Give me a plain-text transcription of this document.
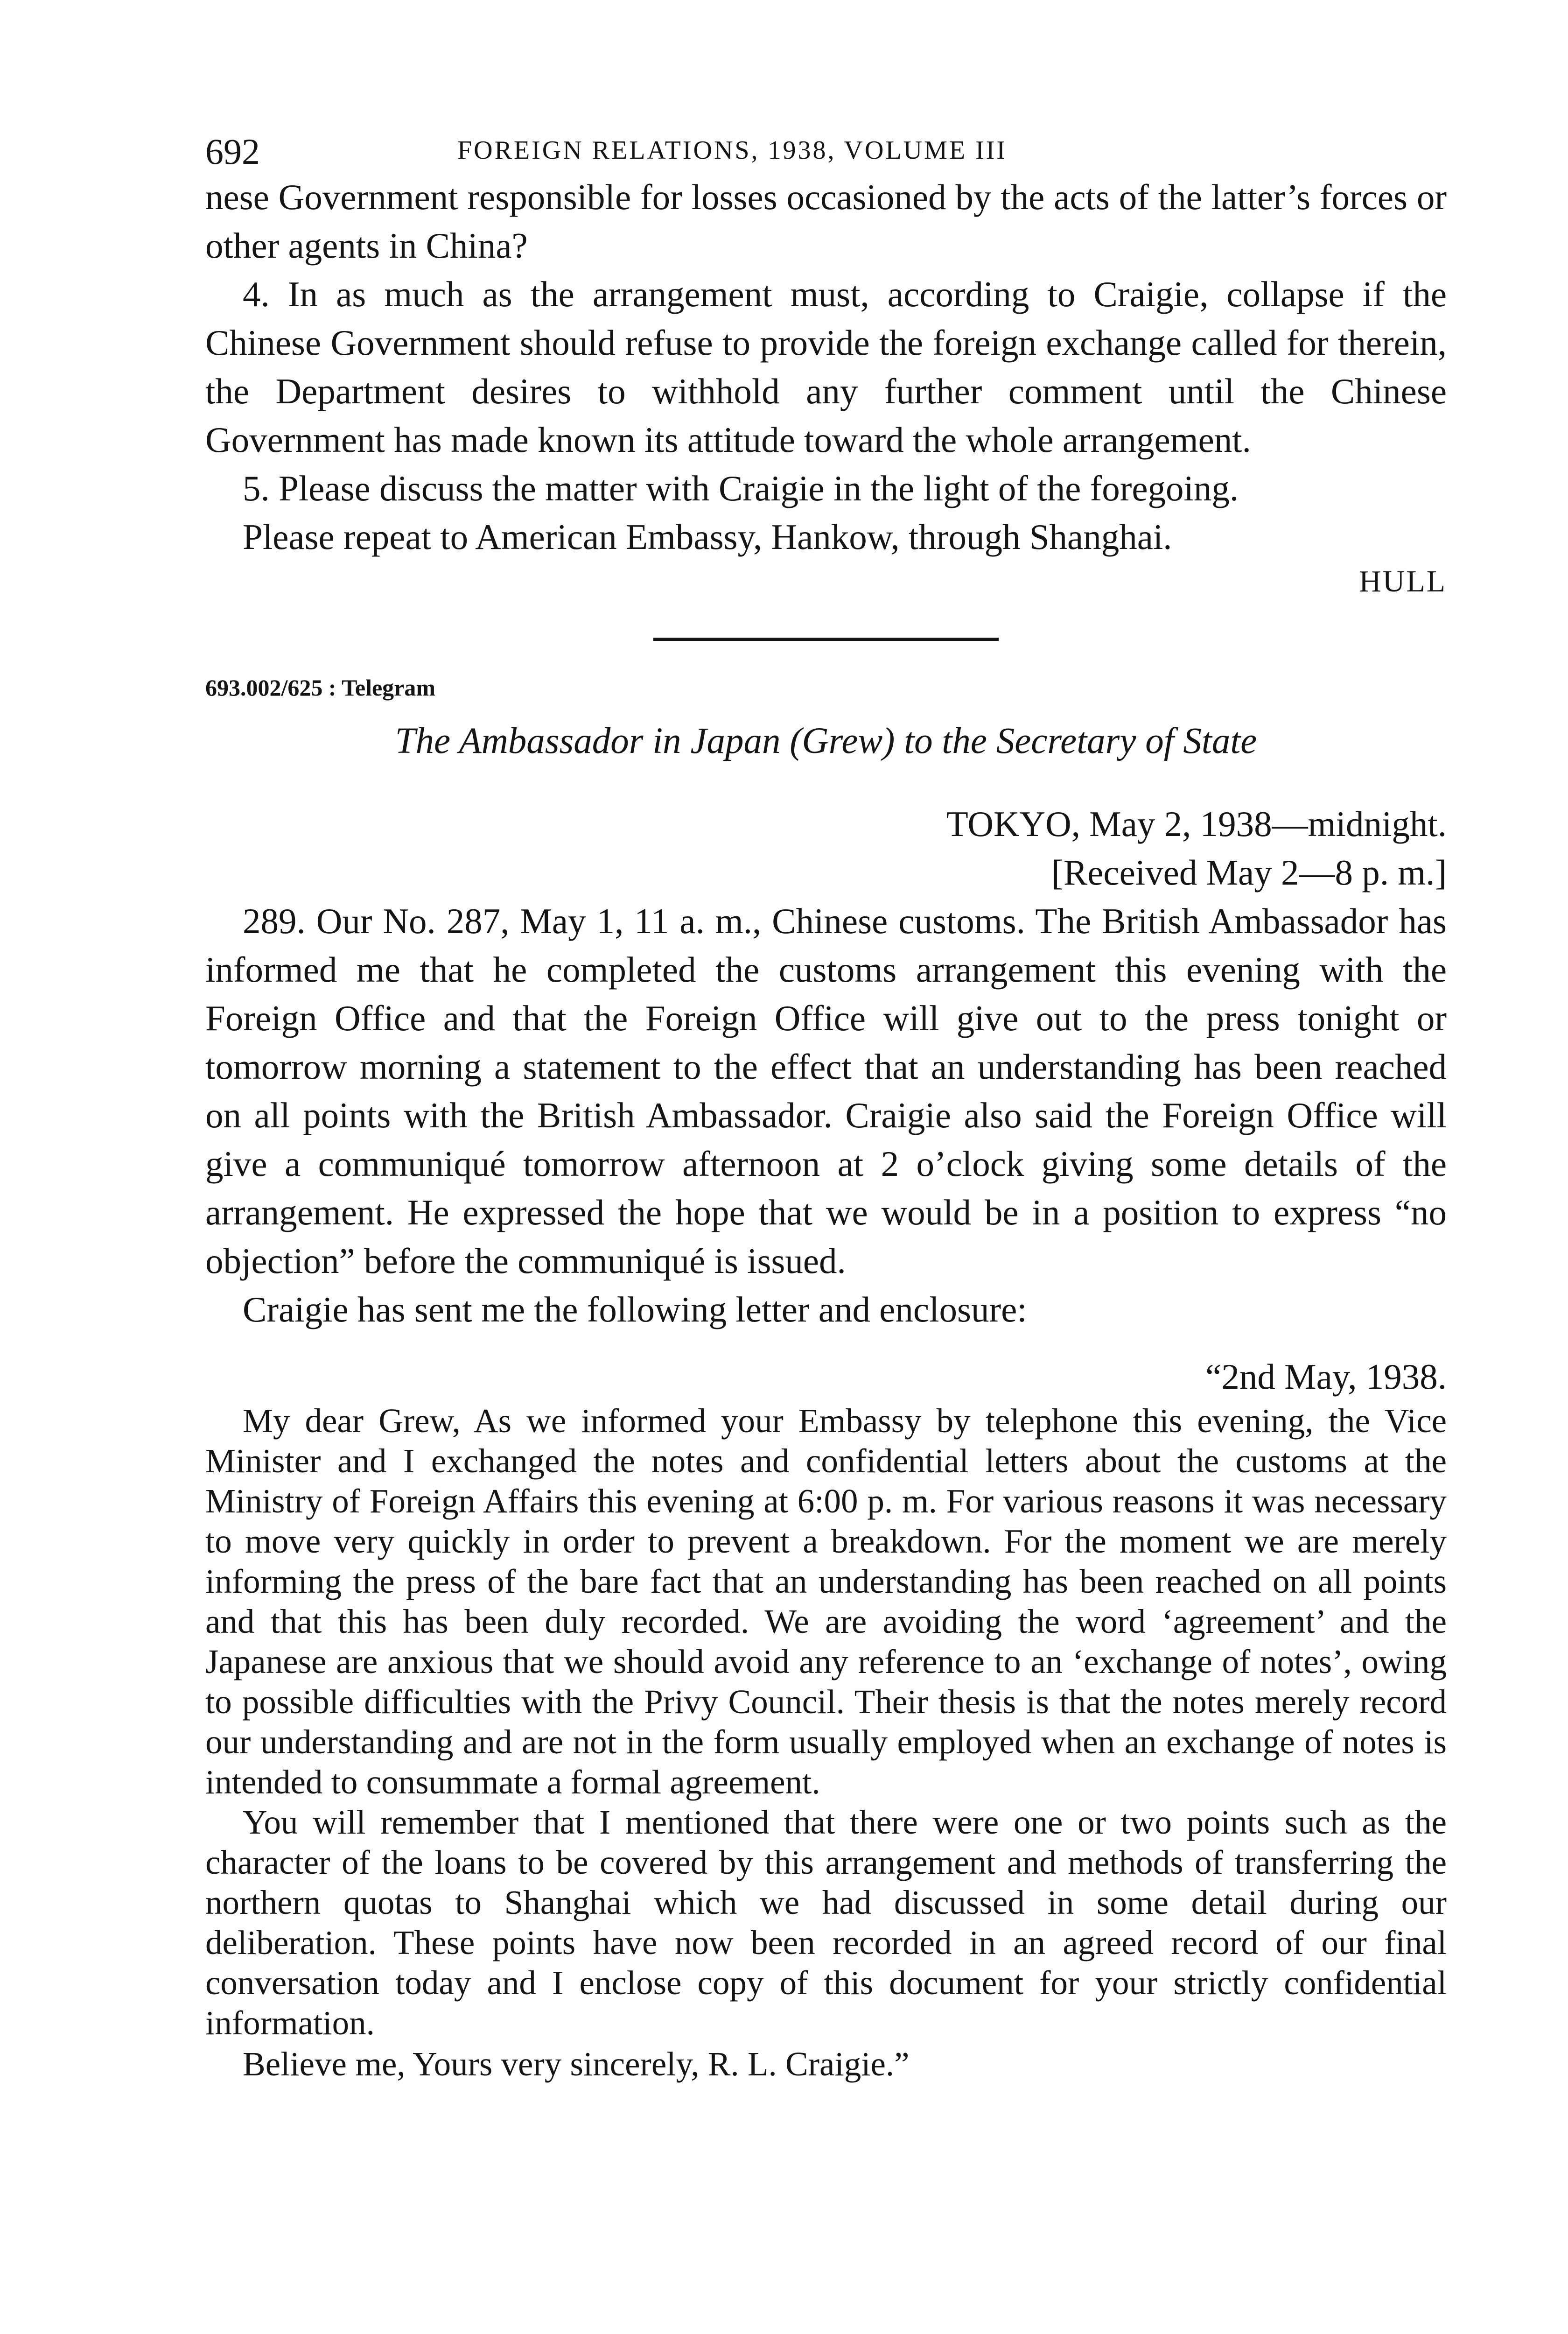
692	FOREIGN RELATIONS, 1938, VOLUME III

nese Government responsible for losses occasioned by the acts of the latter’s forces or other agents in China?

4. In as much as the arrangement must, according to Craigie, collapse if the Chinese Government should refuse to provide the foreign exchange called for therein, the Department desires to withhold any further comment until the Chinese Government has made known its attitude toward the whole arrangement.

5. Please discuss the matter with Craigie in the light of the foregoing.

Please repeat to American Embassy, Hankow, through Shanghai.

HULL

693.002/625 : Telegram

The Ambassador in Japan (Grew) to the Secretary of State

TOKYO, May 2, 1938—midnight.

[Received May 2—8 p. m.]

289. Our No. 287, May 1, 11 a. m., Chinese customs. The British Ambassador has informed me that he completed the customs arrangement this evening with the Foreign Office and that the Foreign Office will give out to the press tonight or tomorrow morning a statement to the effect that an understanding has been reached on all points with the British Ambassador. Craigie also said the Foreign Office will give a communiqué tomorrow afternoon at 2 o’clock giving some details of the arrangement. He expressed the hope that we would be in a position to express “no objection” before the communiqué is issued.

Craigie has sent me the following letter and enclosure:

“2nd May, 1938.

My dear Grew, As we informed your Embassy by telephone this evening, the Vice Minister and I exchanged the notes and confidential letters about the customs at the Ministry of Foreign Affairs this evening at 6:00 p. m. For various reasons it was necessary to move very quickly in order to prevent a breakdown. For the moment we are merely informing the press of the bare fact that an understanding has been reached on all points and that this has been duly recorded. We are avoiding the word ‘agreement’ and the Japanese are anxious that we should avoid any reference to an ‘exchange of notes’, owing to possible difficulties with the Privy Council. Their thesis is that the notes merely record our understanding and are not in the form usually employed when an exchange of notes is intended to consummate a formal agreement.

You will remember that I mentioned that there were one or two points such as the character of the loans to be covered by this arrangement and methods of transferring the northern quotas to Shanghai which we had discussed in some detail during our deliberation. These points have now been recorded in an agreed record of our final conversation today and I enclose copy of this document for your strictly confidential information.

Believe me, Yours very sincerely, R. L. Craigie.”
